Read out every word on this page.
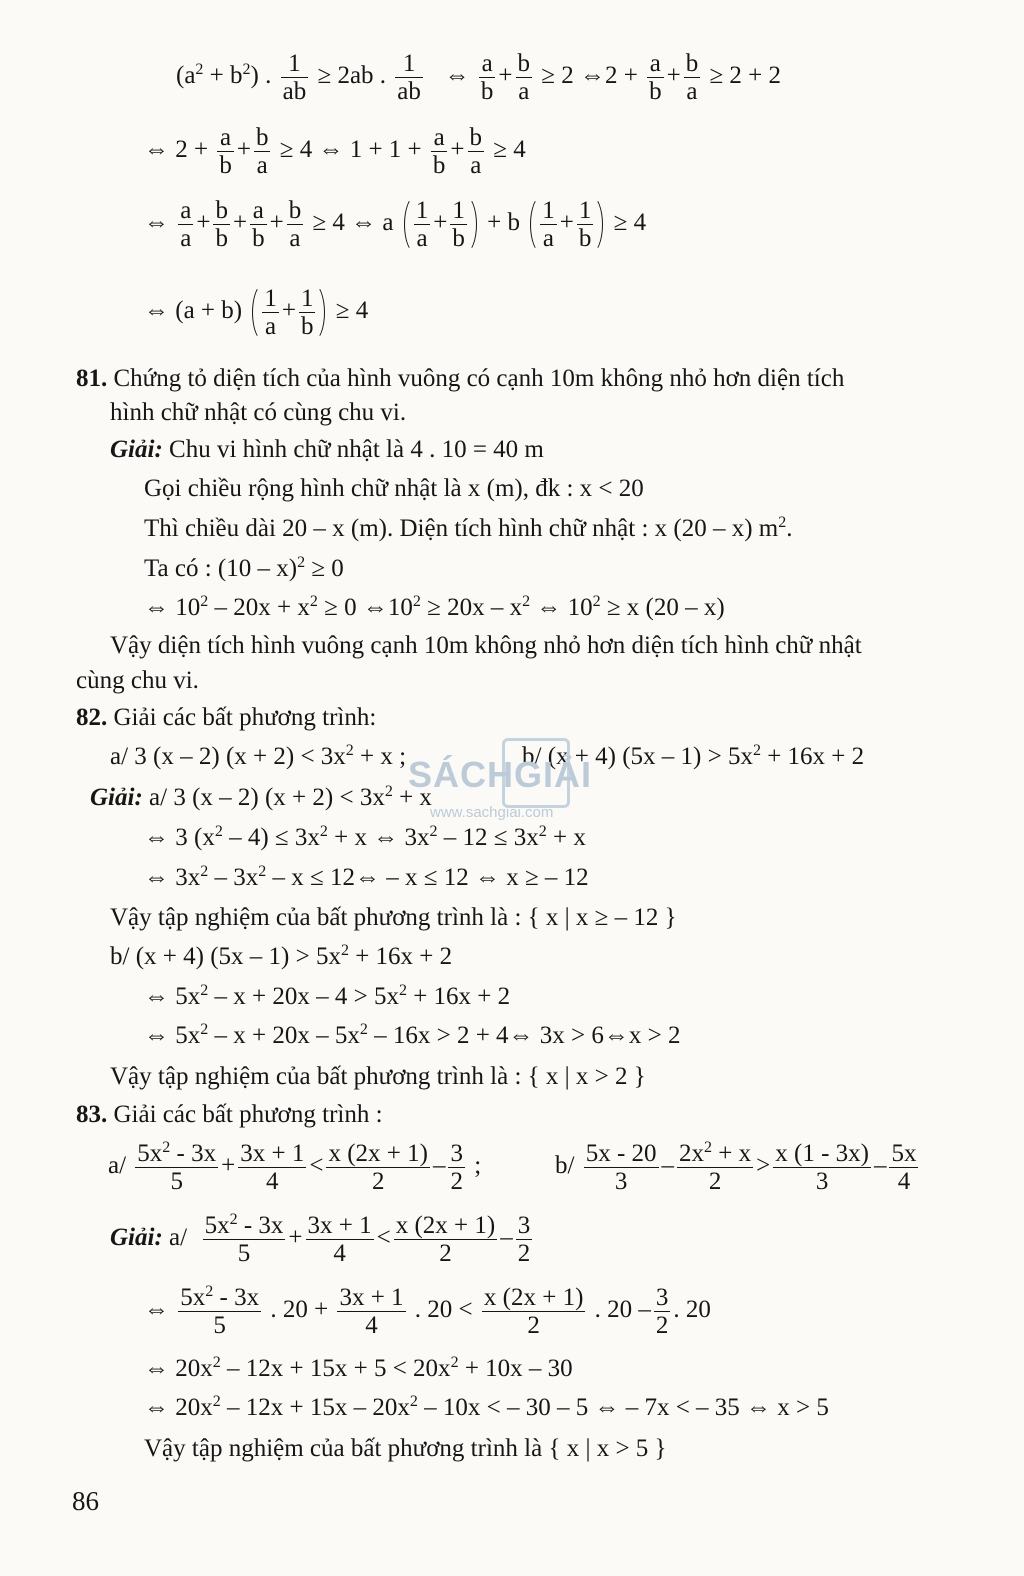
$(a^2 + b^2)$ . $\frac{1}{ab} \ge 2ab$ . $\frac{1}{ab}$ ⇔ $\frac{a}{b} + \frac{b}{a} \ge 2$ ⇔2 + $\frac{a}{b} + \frac{b}{a} \ge 2 + 2$
⇔ $2 + \frac{a}{b} + \frac{b}{a} \ge 4$ ⇔ $1 + 1 + \frac{a}{b} + \frac{b}{a} \ge 4$
⇔ $\frac{a}{a} + \frac{b}{b} + \frac{a}{b} + \frac{b}{a} \ge 4$ ⇔ a $\frac{1}{a} + \frac{1}{b} + b \frac{1}{a} + \frac{1}{b} \ge 4$
⇔ $(a + b) \frac{1}{a} + \frac{1}{b} \ge 4$
81. Chứng tỏ diện tích của hình vuông có cạnh 10m không nhỏ hơn diện tích
hình chữ nhật có cùng chu vi.
Giải: Chu vi hình chữ nhật là 4 . 10 = 40 m
Gọi chiều rộng hình chữ nhật là x (m), đk : x < 20
Thì chiều dài 20 – x (m). Diện tích hình chữ nhật : x (20 – x) $m^2$.
Ta có : (10 – x)$^2$ ≥ 0
⇔ $10^2 - 20x + x^2 \ge 0$ $\Leftrightarrow 10^2 \ge 20x - x^2$ ⇔ $10^2 \ge x$ (20 – x)
Vậy diện tích hình vuông cạnh 10m không nhỏ hơn diện tích hình chữ nhật
cùng chu vi.
82. Giải các bất phương trình:
a/ 3 (x – 2) $(x + 2) < 3x^2 + x$ ;	b/ (x + 4) $(5x - 1) > 5x^2 + 16x + 2$
Giải: a/ 3 (x – 2) $(x + 2) < 3x^2 + x$
⇔ 3 $(x^2 - 4) \le 3x^2 + x$ ⇔ $3x^2 - 12 \le 3x^2 + x$
⇔ $3x^2 - 3x^2$ – x ≤ 12⇔ – x ≤ 12 ⇔ x ≥ – 12
Vậy tập nghiệm của bất phương trình là : { x | x ≥ – 12 }
b/ (x + 4) $(5x - 1) > 5x^2 + 16x + 2$
⇔ $5x^2 - x + 20x - 4 > 5x^2 + 16x + 2$
⇔ $5x^2 - x + 20x - 5x^2 - 16x > 2$ + 4⇔ 3x > 6⇔x > 2
Vậy tập nghiệm của bất phương trình là : { x | x > 2 }
83. Giải các bất phương trình :
$a/ \frac{5x^2 - 3x}{5} + \frac{3x + 1}{4} < \frac{x (2x + 1)}{2} - \frac{3}{2}$ ;	$b/ \frac{5x - 20}{3} - \frac{2x^2 + x}{2} > \frac{x (1 - 3x)}{3} - \frac{5x}{4}$
Giải: $a/ \frac{5x^2 - 3x}{5} + \frac{3x + 1}{4} < \frac{x (2x + 1)}{2} - \frac{3}{2}$
⇔ $\frac{5x^2 - 3x}{5}$ . $20 + \frac{3x + 1}{4}$ . $20 < \frac{x (2x + 1)}{2}$ . $20 - \frac{3}{2}$ . 20
⇔ $20x^2 - 12x + 15x + 5 < 20x^2 + 10x - 30$
⇔ $20x^2 - 12x + 15x - 20x^2 - 10x$ < – 30 – 5 ⇔ – 7x < – 35 ⇔ x > 5
Vậy tập nghiệm của bất phương trình là { x | x > 5 }
SÁCHGIẢI
www.sachgiai.com
86
